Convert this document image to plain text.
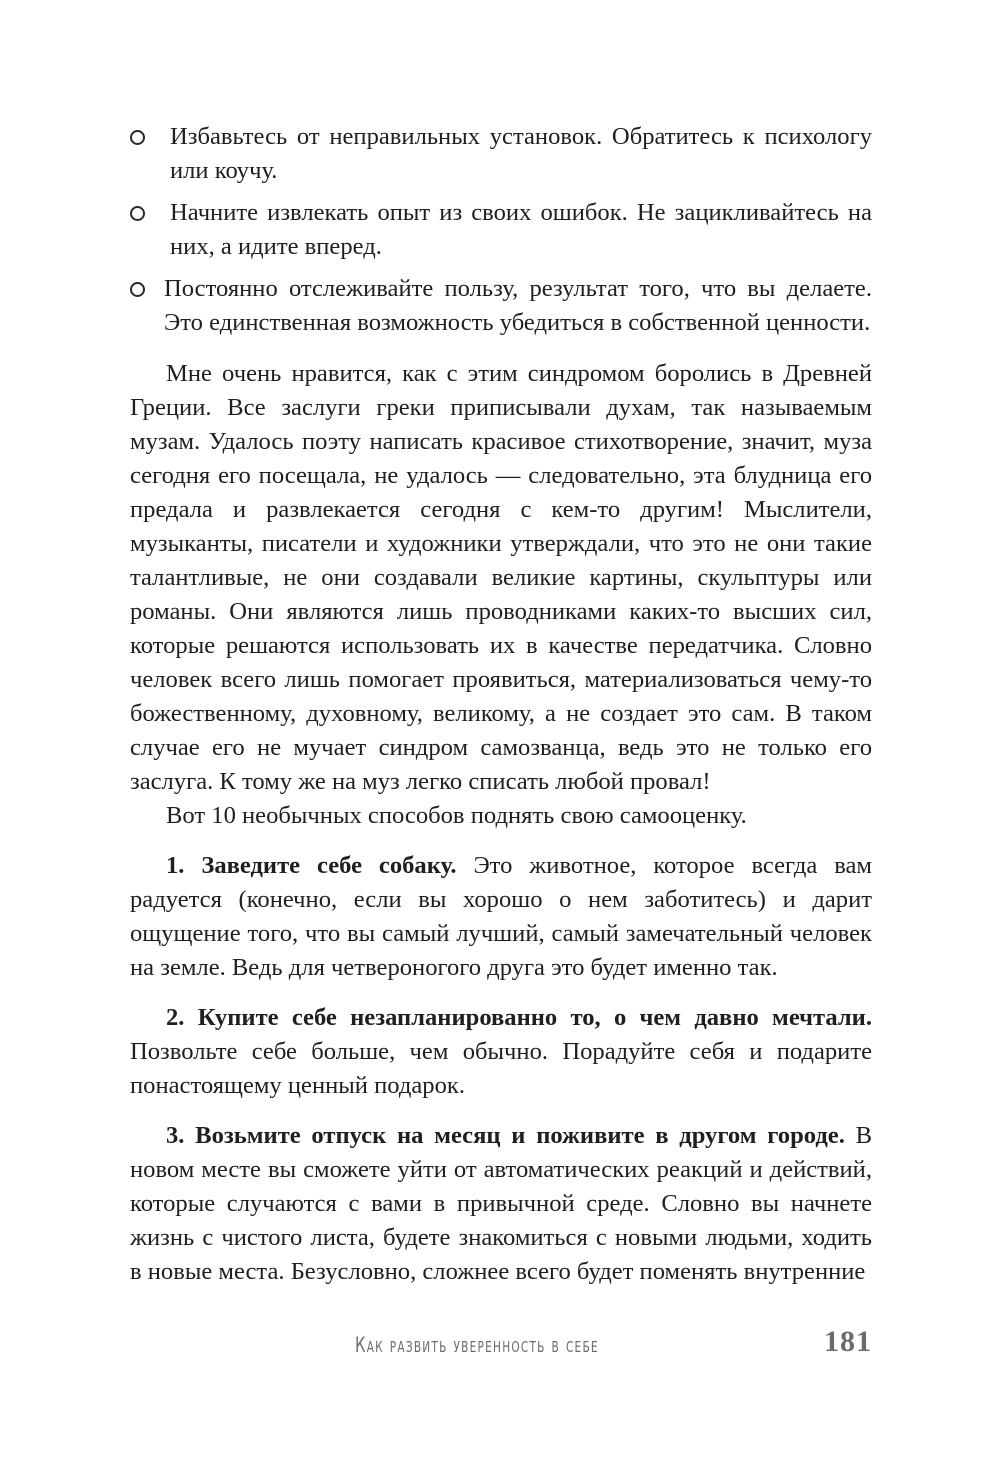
Избавьтесь от неправильных установок. Обратитесь к психологу или коучу.
Начните извлекать опыт из своих ошибок. Не зацикливайтесь на них, а идите вперед.
Постоянно отслеживайте пользу, результат того, что вы делаете. Это единственная возможность убедиться в собственной ценности.

Мне очень нравится, как с этим синдромом боролись в Древней Греции. Все заслуги греки приписывали духам, так называемым музам. Удалось поэту написать красивое стихотворение, значит, муза сегодня его посещала, не удалось — следовательно, эта блудница его предала и развлекается сегодня с кем-то другим! Мыслители, музыканты, писатели и художники утверждали, что это не они такие талантливые, не они создавали великие картины, скульптуры или романы. Они являются лишь проводниками каких-то высших сил, которые решаются использовать их в качестве передатчика. Словно человек всего лишь помогает проявиться, материализоваться чему-то божественному, духовному, великому, а не создает это сам. В таком случае его не мучает синдром самозванца, ведь это не только его заслуга. К тому же на муз легко списать любой провал!

Вот 10 необычных способов поднять свою самооценку.

1. Заведите себе собаку. Это животное, которое всегда вам радуется (конечно, если вы хорошо о нем заботитесь) и дарит ощущение того, что вы самый лучший, самый замечательный человек на земле. Ведь для четвероногого друга это будет именно так.

2. Купите себе незапланированно то, о чем давно мечтали. Позвольте себе больше, чем обычно. Порадуйте себя и подарите понастоящему ценный подарок.

3. Возьмите отпуск на месяц и поживите в другом городе. В новом месте вы сможете уйти от автоматических реакций и действий, которые случаются с вами в привычной среде. Словно вы начнете жизнь с чистого листа, будете знакомиться с новыми людьми, ходить в новые места. Безусловно, сложнее всего будет поменять внутренние

Как развить уверенность в себе	181
